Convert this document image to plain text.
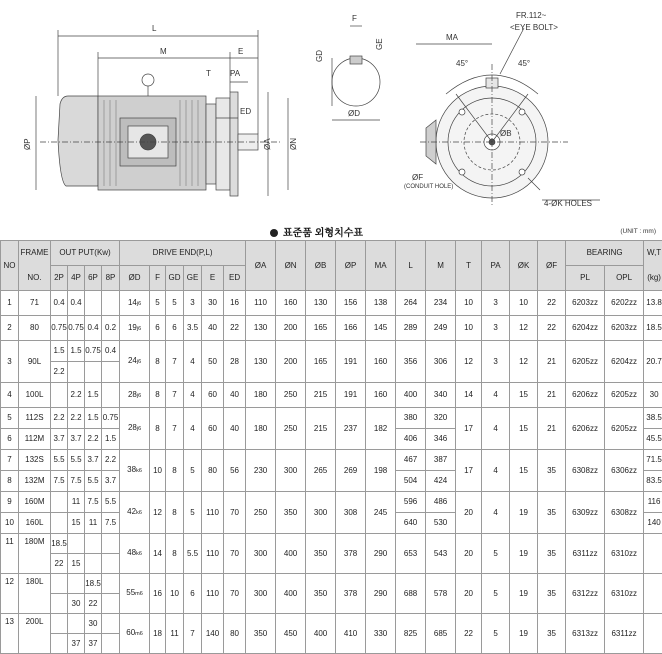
L
M	E
T PA
ED
ØP	ØA ØN
F
GD
GE
ØD
MA
45°	45°
FR.112~
<EYE BOLT>
ØB
ØF
(CONDUIT HOLE)
4-ØK HOLES
표준품 외형치수표	(UNIT : mm)
NO	FRAME	OUT PUT(Kw)				DRIVE END(P,L)						ØA	ØN	ØB	ØP	MA	L	M	T	PA	ØK	ØF	BEARING		W,T
	NO.	2P	4P	6P	8P	ØD	F	GD	GE	E	ED												PL	OPL	(kg)
1	71	0.4	0.4			14j6	5	5	3	30	16	110	160	130	156	138	264	234	10	3	10	22	6203zz	6202zz	13.8
2	80	0.75	0.75	0.4	0.2	19j6	6	6	3.5	40	22	130	200	165	166	145	289	249	10	3	12	22	6204zz	6203zz	18.5
3	90L	1.5	1.5	0.75	0.4	24j6	8	7	4	50	28	130	200	165	191	160	356	306	12	3	12	21	6205zz	6204zz	20.7
		2.2																							
4	100L		2.2	1.5		28j6	8	7	4	60	40	180	250	215	191	160	400	340	14	4	15	21	6206zz	6205zz	30
5	112S	2.2	2.2	1.5	0.75	28j6	8	7	4	60	40	180	250	215	237	182	380	320	17	4	15	21	6206zz	6205zz	38.5
6	112M	3.7	3.7	2.2	1.5												406	346							45.5
7	132S	5.5	5.5	3.7	2.2	38k6	10	8	5	80	56	230	300	265	269	198	467	387	17	4	15	35	6308zz	6306zz	71.5
8	132M	7.5	7.5	5.5	3.7												504	424							83.5
9	160M		11	7.5	5.5	42k6	12	8	5	110	70	250	350	300	308	245	596	486	20	4	19	35	6309zz	6308zz	116
10	160L		15	11	7.5												640	530							140
11	180M	18.5				48k6	14	8	5.5	110	70	300	400	350	378	290	653	543	20	5	19	35	6311zz	6310zz	
		22	15																						
12	180L			18.5		55m6	16	10	6	110	70	300	400	350	378	290	688	578	20	5	19	35	6312zz	6310zz	
			30	22																					
13	200L			30		60m6	18	11	7	140	80	350	450	400	410	330	825	685	22	5	19	35	6313zz	6311zz	
			37	37																					
